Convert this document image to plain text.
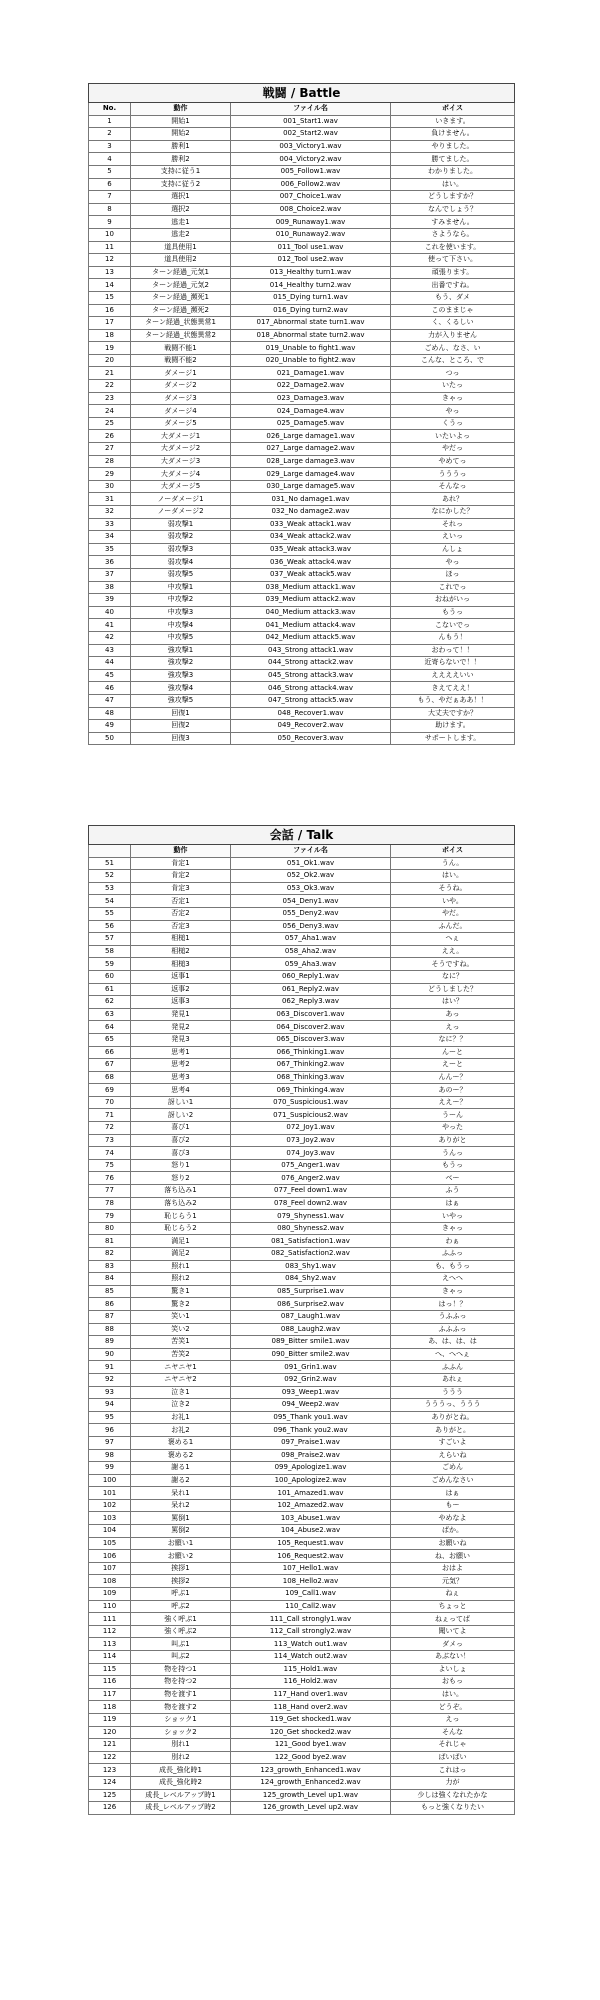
戦闘 / Battle			
No.	動作	ファイル名	ボイス
1	開始1	001_Start1.wav	いきます。
2	開始2	002_Start2.wav	負けません。
3	勝利1	003_Victory1.wav	やりました。
4	勝利2	004_Victory2.wav	勝てました。
5	支持に従う1	005_Follow1.wav	わかりました。
6	支持に従う2	006_Follow2.wav	はい。
7	選択1	007_Choice1.wav	どうしますか？
8	選択2	008_Choice2.wav	なんでしょう？
9	逃走1	009_Runaway1.wav	すみません。
10	逃走2	010_Runaway2.wav	さようなら。
11	道具使用1	011_Tool use1.wav	これを使います。
12	道具使用2	012_Tool use2.wav	使って下さい。
13	ターン経過_元気1	013_Healthy turn1.wav	頑張ります。
14	ターン経過_元気2	014_Healthy turn2.wav	出番ですね。
15	ターン経過_瀕死1	015_Dying turn1.wav	もう、ダメ
16	ターン経過_瀕死2	016_Dying turn2.wav	このままじゃ
17	ターン経過_状態異常1	017_Abnormal state turn1.wav	く、くるしい
18	ターン経過_状態異常2	018_Abnormal state turn2.wav	力が入りません
19	戦闘不能1	019_Unable to fight1.wav	ごめん、なさ、い
20	戦闘不能2	020_Unable to fight2.wav	こんな、ところ、で
21	ダメージ1	021_Damage1.wav	つっ
22	ダメージ2	022_Damage2.wav	いたっ
23	ダメージ3	023_Damage3.wav	きゃっ
24	ダメージ4	024_Damage4.wav	やっ
25	ダメージ5	025_Damage5.wav	くうっ
26	大ダメージ1	026_Large damage1.wav	いたいよっ
27	大ダメージ2	027_Large damage2.wav	やだっ
28	大ダメージ3	028_Large damage3.wav	やめてっ
29	大ダメージ4	029_Large damage4.wav	うううっ
30	大ダメージ5	030_Large damage5.wav	そんなっ
31	ノーダメージ1	031_No damage1.wav	あれ？
32	ノーダメージ2	032_No damage2.wav	なにかした？
33	弱攻撃1	033_Weak attack1.wav	それっ
34	弱攻撃2	034_Weak attack2.wav	えいっ
35	弱攻撃3	035_Weak attack3.wav	んしょ
36	弱攻撃4	036_Weak attack4.wav	やっ
37	弱攻撃5	037_Weak attack5.wav	ほっ
38	中攻撃1	038_Medium attack1.wav	これでっ
39	中攻撃2	039_Medium attack2.wav	おねがいっ
40	中攻撃3	040_Medium attack3.wav	もうっ
41	中攻撃4	041_Medium attack4.wav	こないでっ
42	中攻撃5	042_Medium attack5.wav	んもう！
43	強攻撃1	043_Strong attack1.wav	おわって！！
44	強攻撃2	044_Strong attack2.wav	近寄らないで！！
45	強攻撃3	045_Strong attack3.wav	ええええいい
46	強攻撃4	046_Strong attack4.wav	きえてええ！
47	強攻撃5	047_Strong attack5.wav	もう、やだぁああ！！
48	回復1	048_Recover1.wav	大丈夫ですか？
49	回復2	049_Recover2.wav	助けます。
50	回復3	050_Recover3.wav	サポートします。
会話 / Talk			
	動作	ファイル名	ボイス
51	肯定1	051_Ok1.wav	うん。
52	肯定2	052_Ok2.wav	はい。
53	肯定3	053_Ok3.wav	そうね。
54	否定1	054_Deny1.wav	いや。
55	否定2	055_Deny2.wav	やだ。
56	否定3	056_Deny3.wav	ふんだ。
57	相槌1	057_Aha1.wav	へぇ
58	相槌2	058_Aha2.wav	ええ。
59	相槌3	059_Aha3.wav	そうですね。
60	返事1	060_Reply1.wav	なに？
61	返事2	061_Reply2.wav	どうしました？
62	返事3	062_Reply3.wav	はい？
63	発見1	063_Discover1.wav	あっ
64	発見2	064_Discover2.wav	えっ
65	発見3	065_Discover3.wav	なに？？
66	思考1	066_Thinking1.wav	んーと
67	思考2	067_Thinking2.wav	えーと
68	思考3	068_Thinking3.wav	んんー？
69	思考4	069_Thinking4.wav	あのー？
70	訝しい1	070_Suspicious1.wav	ええー？
71	訝しい2	071_Suspicious2.wav	うーん
72	喜び1	072_Joy1.wav	やった
73	喜び2	073_Joy2.wav	ありがと
74	喜び3	074_Joy3.wav	うんっ
75	怒り1	075_Anger1.wav	もうっ
76	怒り2	076_Anger2.wav	べー
77	落ち込み1	077_Feel down1.wav	ふう
78	落ち込み2	078_Feel down2.wav	はぁ
79	恥じらう1	079_Shyness1.wav	いやっ
80	恥じらう2	080_Shyness2.wav	きゃっ
81	満足1	081_Satisfaction1.wav	わぁ
82	満足2	082_Satisfaction2.wav	ふふっ
83	照れ1	083_Shy1.wav	も、もうっ
84	照れ2	084_Shy2.wav	えへへ
85	驚き1	085_Surprise1.wav	きゃっ
86	驚き2	086_Surprise2.wav	はっ！？
87	笑い1	087_Laugh1.wav	うふふっ
88	笑い2	088_Laugh2.wav	ふふふっ
89	苦笑1	089_Bitter smile1.wav	あ、は、は、は
90	苦笑2	090_Bitter smile2.wav	へ、へへぇ
91	ニヤニヤ1	091_Grin1.wav	ふふん
92	ニヤニヤ2	092_Grin2.wav	あれぇ
93	泣き1	093_Weep1.wav	ううう
94	泣き2	094_Weep2.wav	うううっ、ううう
95	お礼1	095_Thank you1.wav	ありがとね。
96	お礼2	096_Thank you2.wav	ありがと。
97	褒める1	097_Praise1.wav	すごいよ
98	褒める2	098_Praise2.wav	えらいね
99	謝る1	099_Apologize1.wav	ごめん
100	謝る2	100_Apologize2.wav	ごめんなさい
101	呆れ1	101_Amazed1.wav	はぁ
102	呆れ2	102_Amazed2.wav	もー
103	罵倒1	103_Abuse1.wav	やめなよ
104	罵倒2	104_Abuse2.wav	ばか。
105	お願い1	105_Request1.wav	お願いね
106	お願い2	106_Request2.wav	ね、お願い
107	挨拶1	107_Hello1.wav	おはよ
108	挨拶2	108_Hello2.wav	元気？
109	呼ぶ1	109_Call1.wav	ねぇ
110	呼ぶ2	110_Call2.wav	ちょっと
111	強く呼ぶ1	111_Call strongly1.wav	ねぇってば
112	強く呼ぶ2	112_Call strongly2.wav	聞いてよ
113	叫ぶ1	113_Watch out1.wav	ダメっ
114	叫ぶ2	114_Watch out2.wav	あぶない！
115	物を持つ1	115_Hold1.wav	よいしょ
116	物を持つ2	116_Hold2.wav	おもっ
117	物を渡す1	117_Hand over1.wav	はい。
118	物を渡す2	118_Hand over2.wav	どうぞ。
119	ショック1	119_Get shocked1.wav	えっ
120	ショック2	120_Get shocked2.wav	そんな
121	別れ1	121_Good bye1.wav	それじゃ
122	別れ2	122_Good bye2.wav	ばいばい
123	成長_強化時1	123_growth_Enhanced1.wav	これはっ
124	成長_強化時2	124_growth_Enhanced2.wav	力が
125	成長_レベルアップ時1	125_growth_Level up1.wav	少しは強くなれたかな
126	成長_レベルアップ時2	126_growth_Level up2.wav	もっと強くなりたい
